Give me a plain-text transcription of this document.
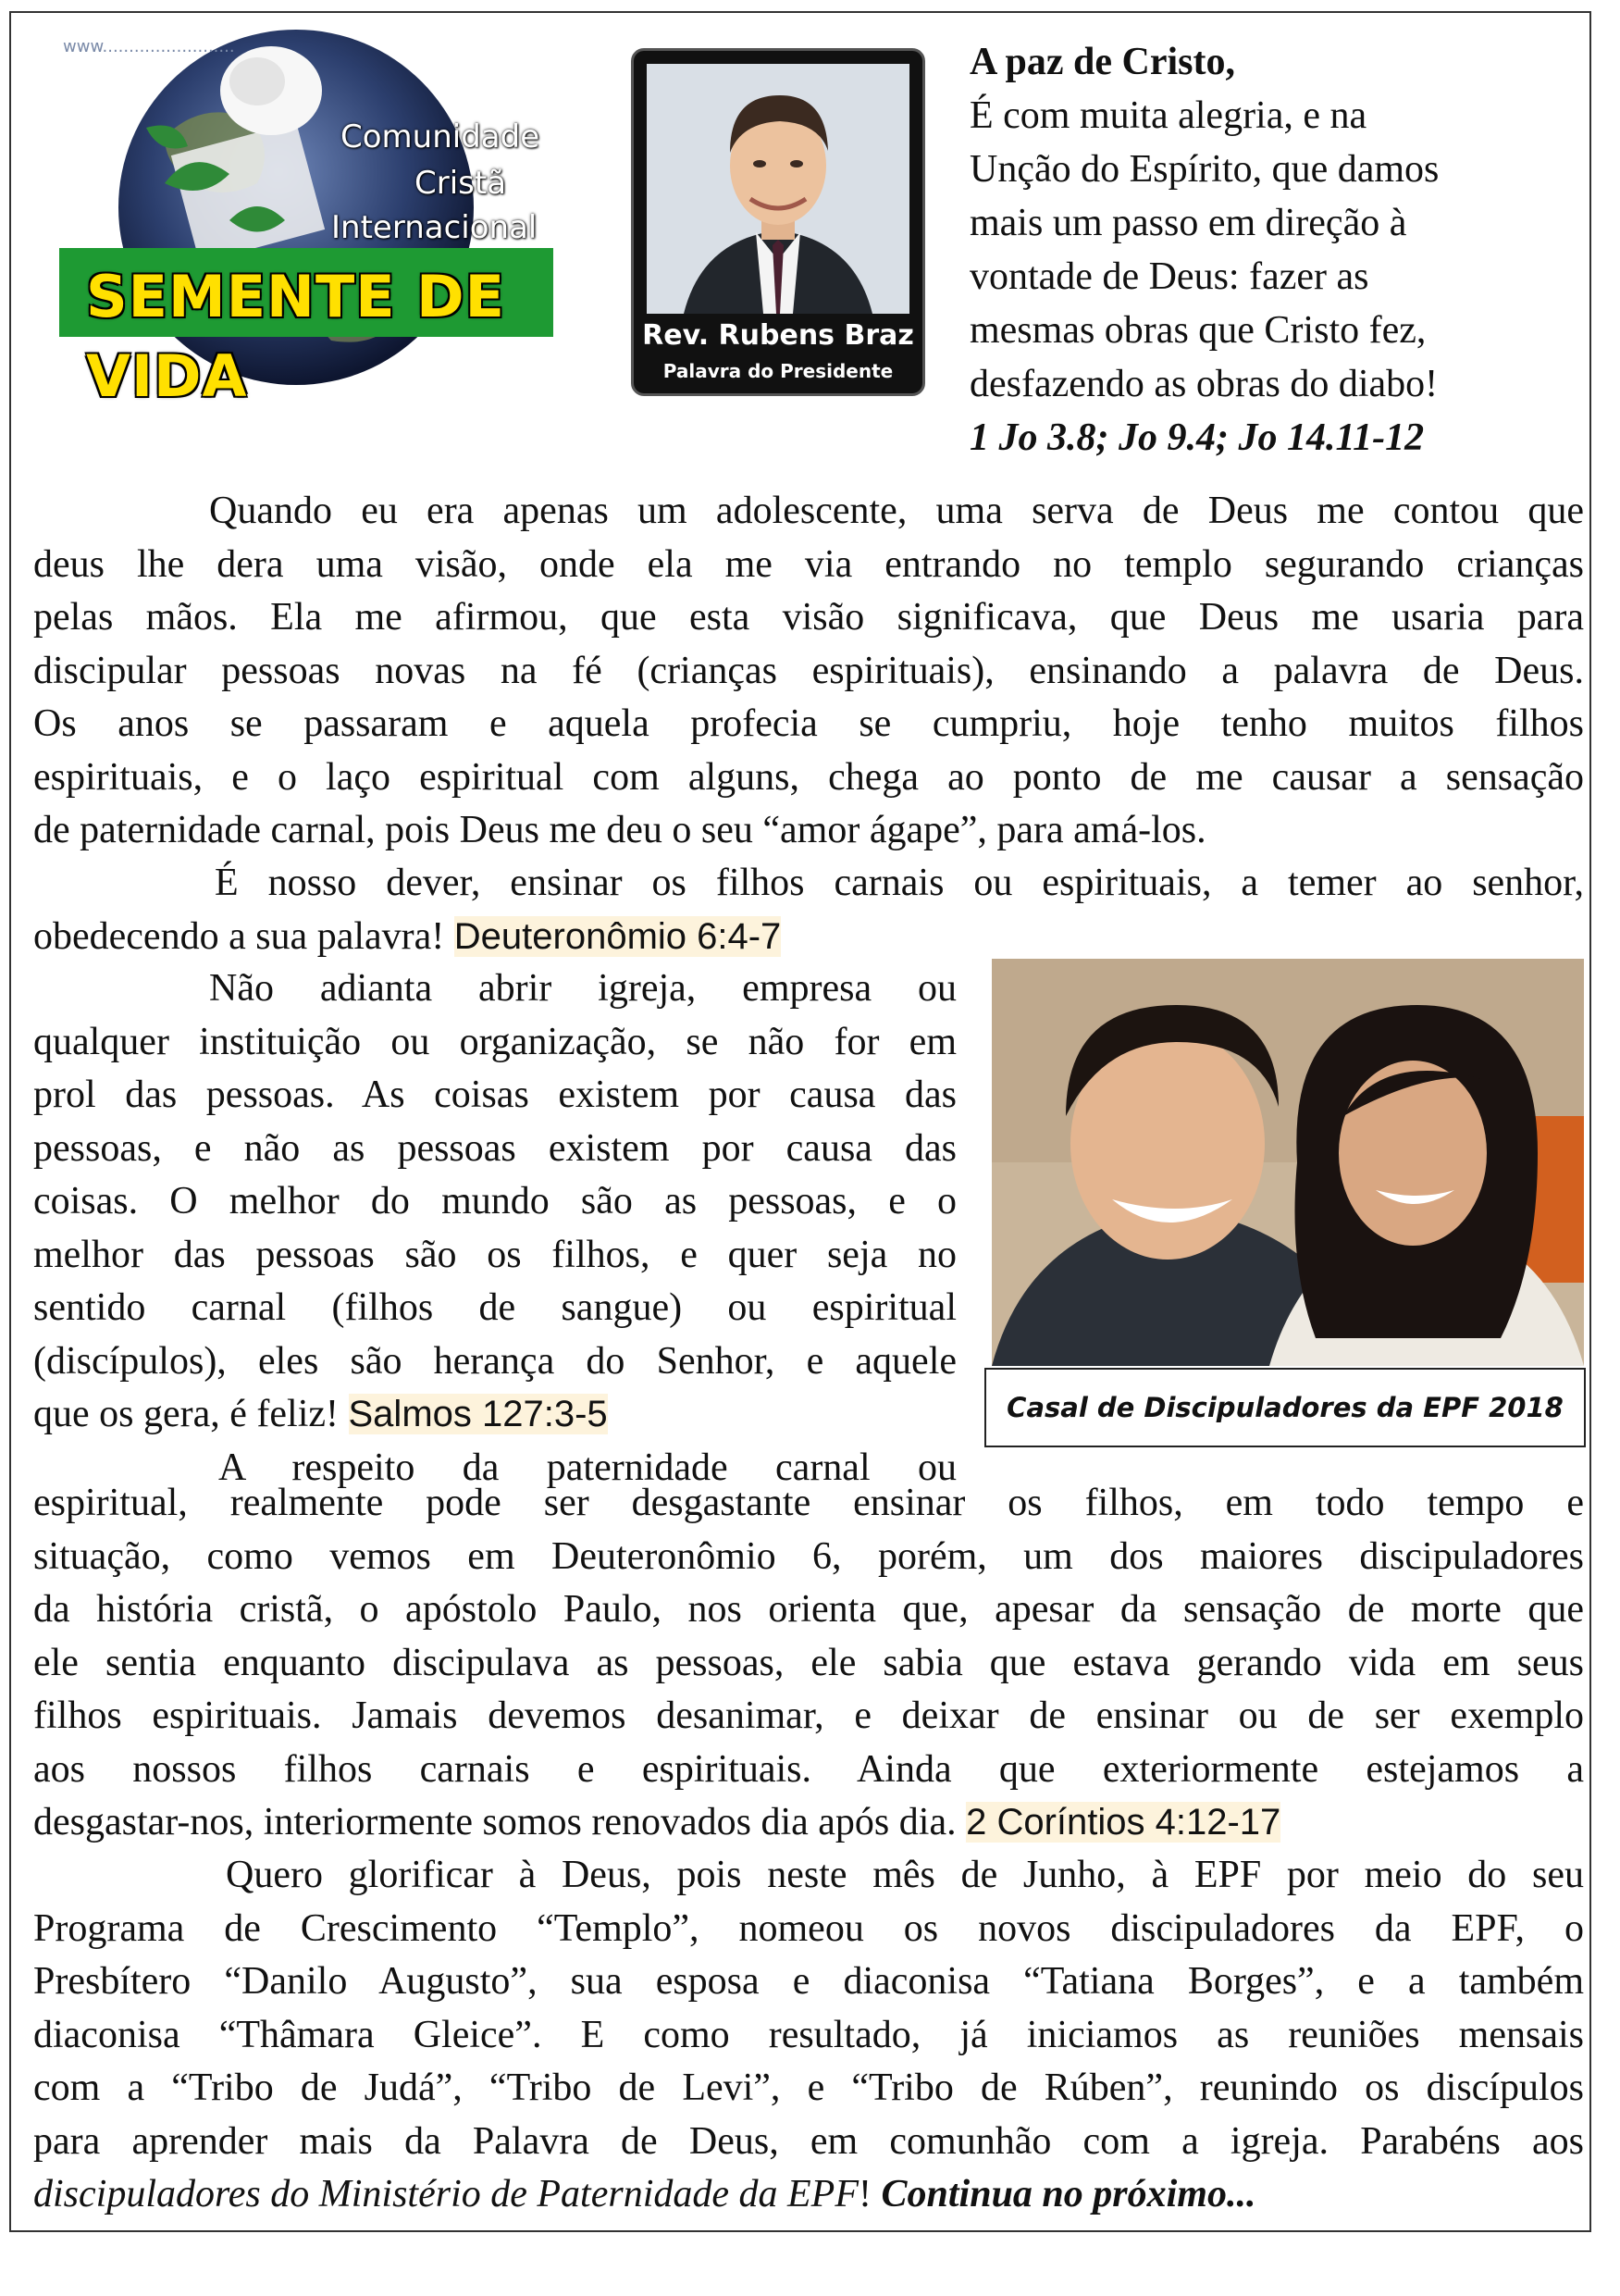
www.........................
Comunidade
Cristã
Internacional
SEMENTE DE VIDA
Rev. Rubens Braz
Palavra do Presidente
A paz de Cristo,
É com muita alegria, e na
Unção do Espírito, que damos
mais um passo em direção à
vontade de Deus: fazer as
mesmas obras que Cristo fez,
desfazendo as obras do diabo!
1 Jo 3.8; Jo 9.4; Jo 14.11-12
Quando eu era apenas um adolescente, uma serva de Deus me contou que
deus lhe dera uma visão, onde ela me via entrando no templo segurando crianças
pelas mãos. Ela me afirmou, que esta visão significava, que Deus me usaria para
discipular pessoas novas na fé (crianças espirituais), ensinando a palavra de Deus.
Os anos se passaram e aquela profecia se cumpriu, hoje tenho muitos filhos
espirituais, e o laço espiritual com alguns, chega ao ponto de me causar a sensação
de paternidade carnal, pois Deus me deu o seu “amor ágape”, para amá-los.
É nosso dever, ensinar os filhos carnais ou espirituais, a temer ao senhor,
obedecendo a sua palavra! Deuteronômio 6:4-7
Não adianta abrir igreja, empresa ou
qualquer instituição ou organização, se não for em
prol das pessoas. As coisas existem por causa das
pessoas, e não as pessoas existem por causa das
coisas. O melhor do mundo são as pessoas, e o
melhor das pessoas são os filhos, e quer seja no
sentido carnal (filhos de sangue) ou espiritual
(discípulos), eles são herança do Senhor, e aquele
que os gera, é feliz! Salmos 127:3-5
A respeito da paternidade carnal ou
Casal de Discipuladores da EPF 2018
espiritual, realmente pode ser desgastante ensinar os filhos, em todo tempo e
situação, como vemos em Deuteronômio 6, porém, um dos maiores discipuladores
da história cristã, o apóstolo Paulo, nos orienta que, apesar da sensação de morte que
ele sentia enquanto discipulava as pessoas, ele sabia que estava gerando vida em seus
filhos espirituais. Jamais devemos desanimar, e deixar de ensinar ou de ser exemplo
aos nossos filhos carnais e espirituais. Ainda que exteriormente estejamos a
desgastar-nos, interiormente somos renovados dia após dia. 2 Coríntios 4:12-17
Quero glorificar à Deus, pois neste mês de Junho, à EPF por meio do seu
Programa de Crescimento “Templo”, nomeou os novos discipuladores da EPF, o
Presbítero “Danilo Augusto”, sua esposa e diaconisa “Tatiana Borges”, e a também
diaconisa “Thâmara Gleice”. E como resultado, já iniciamos as reuniões mensais
com a “Tribo de Judá”, “Tribo de Levi”, e “Tribo de Rúben”, reunindo os discípulos
para aprender mais da Palavra de Deus, em comunhão com a igreja. Parabéns aos
discipuladores do Ministério de Paternidade da EPF! Continua no próximo...
